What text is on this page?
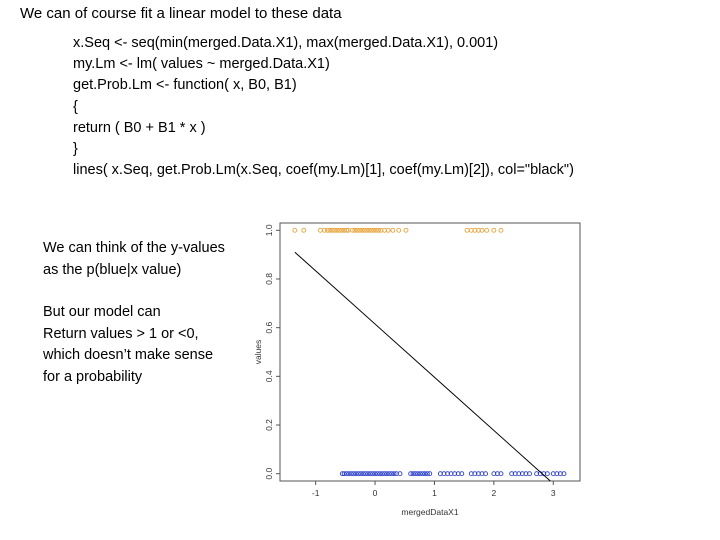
We can of course fit a linear model to these data
x.Seq <- seq(min(merged.Data.X1), max(merged.Data.X1), 0.001)
my.Lm <- lm( values ~ merged.Data.X1)
get.Prob.Lm <- function( x, B0, B1)
{
return ( B0 + B1 * x )
}
lines( x.Seq, get.Prob.Lm(x.Seq, coef(my.Lm)[1], coef(my.Lm)[2]), col="black")
We can think of the y-values
as the p(blue|x value)
But our model can
Return values > 1 or <0,
which doesn’t make sense
for a probability
0.0
0.2
0.4
0.6
0.8
1.0
-1	0	1	2	3
mergedDataX1
values
